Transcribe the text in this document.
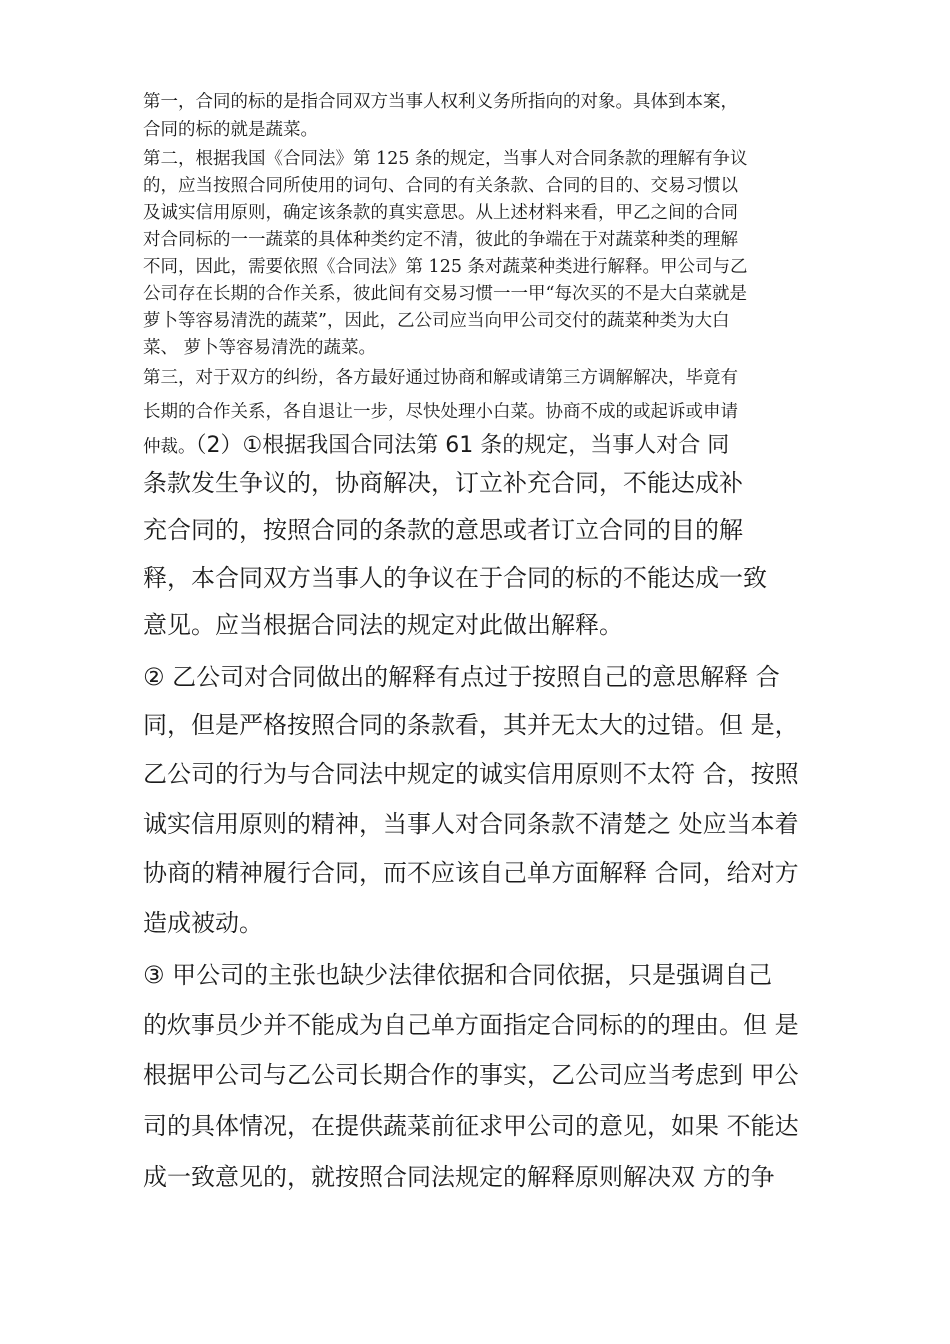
第一，合同的标的是指合同双方当事人权利义务所指向的对象。具体到本案，
合同的标的就是蔬菜。
第二，根据我国《合同法》第 125 条的规定，当事人对合同条款的理解有争议
的，应当按照合同所使用的词句、合同的有关条款、合同的目的、交易习惯以
及诚实信用原则，确定该条款的真实意思。从上述材料来看，甲乙之间的合同
对合同标的一一蔬菜的具体种类约定不清，彼此的争端在于对蔬菜种类的理解
不同，因此，需要依照《合同法》第 125 条对蔬菜种类进行解释。甲公司与乙
公司存在长期的合作关系，彼此间有交易习惯一一甲“每次买的不是大白菜就是
萝卜等容易清洗的蔬菜”，因此，乙公司应当向甲公司交付的蔬菜种类为大白
菜、 萝卜等容易清洗的蔬菜。
第三，对于双方的纠纷，各方最好通过协商和解或请第三方调解解决，毕竟有
长期的合作关系，各自退让一步，尽快处理小白菜。协商不成的或起诉或申请
仲裁。（2）①根据我国合同法第 61 条的规定，当事人对合 同
条款发生争议的，协商解决，订立补充合同，不能达成补
充合同的，按照合同的条款的意思或者订立合同的目的解
释，本合同双方当事人的争议在于合同的标的不能达成一致
意见。应当根据合同法的规定对此做出解释。
② 乙公司对合同做出的解释有点过于按照自己的意思解释 合
同，但是严格按照合同的条款看，其并无太大的过错。但 是，
乙公司的行为与合同法中规定的诚实信用原则不太符 合，按照
诚实信用原则的精神，当事人对合同条款不清楚之 处应当本着
协商的精神履行合同，而不应该自己单方面解释 合同，给对方
造成被动。
③ 甲公司的主张也缺少法律依据和合同依据，只是强调自己
的炊事员少并不能成为自己单方面指定合同标的的理由。但 是
根据甲公司与乙公司长期合作的事实，乙公司应当考虑到 甲公
司的具体情况，在提供蔬菜前征求甲公司的意见，如果 不能达
成一致意见的，就按照合同法规定的解释原则解决双 方的争
